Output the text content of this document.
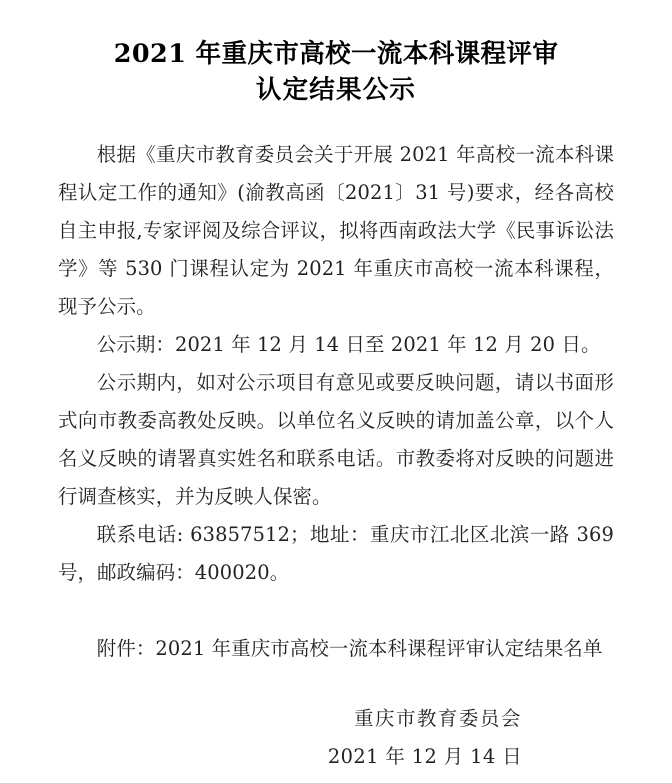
2021 年重庆市高校一流本科课程评审
认定结果公示

根据《重庆市教育委员会关于开展 2021 年高校一流本科课程认定工作的通知》(渝教高函〔2021〕31 号)要求，经各高校自主申报,专家评阅及综合评议，拟将西南政法大学《民事诉讼法学》等 530 门课程认定为 2021 年重庆市高校一流本科课程，现予公示。

公示期：2021 年 12 月 14 日至 2021 年 12 月 20 日。

公示期内，如对公示项目有意见或要反映问题，请以书面形式向市教委高教处反映。以单位名义反映的请加盖公章，以个人名义反映的请署真实姓名和联系电话。市教委将对反映的问题进行调查核实，并为反映人保密。

联系电话: 63857512；地址：重庆市江北区北滨一路 369 号，邮政编码：400020。

附件：2021 年重庆市高校一流本科课程评审认定结果名单

重庆市教育委员会
2021 年 12 月 14 日
